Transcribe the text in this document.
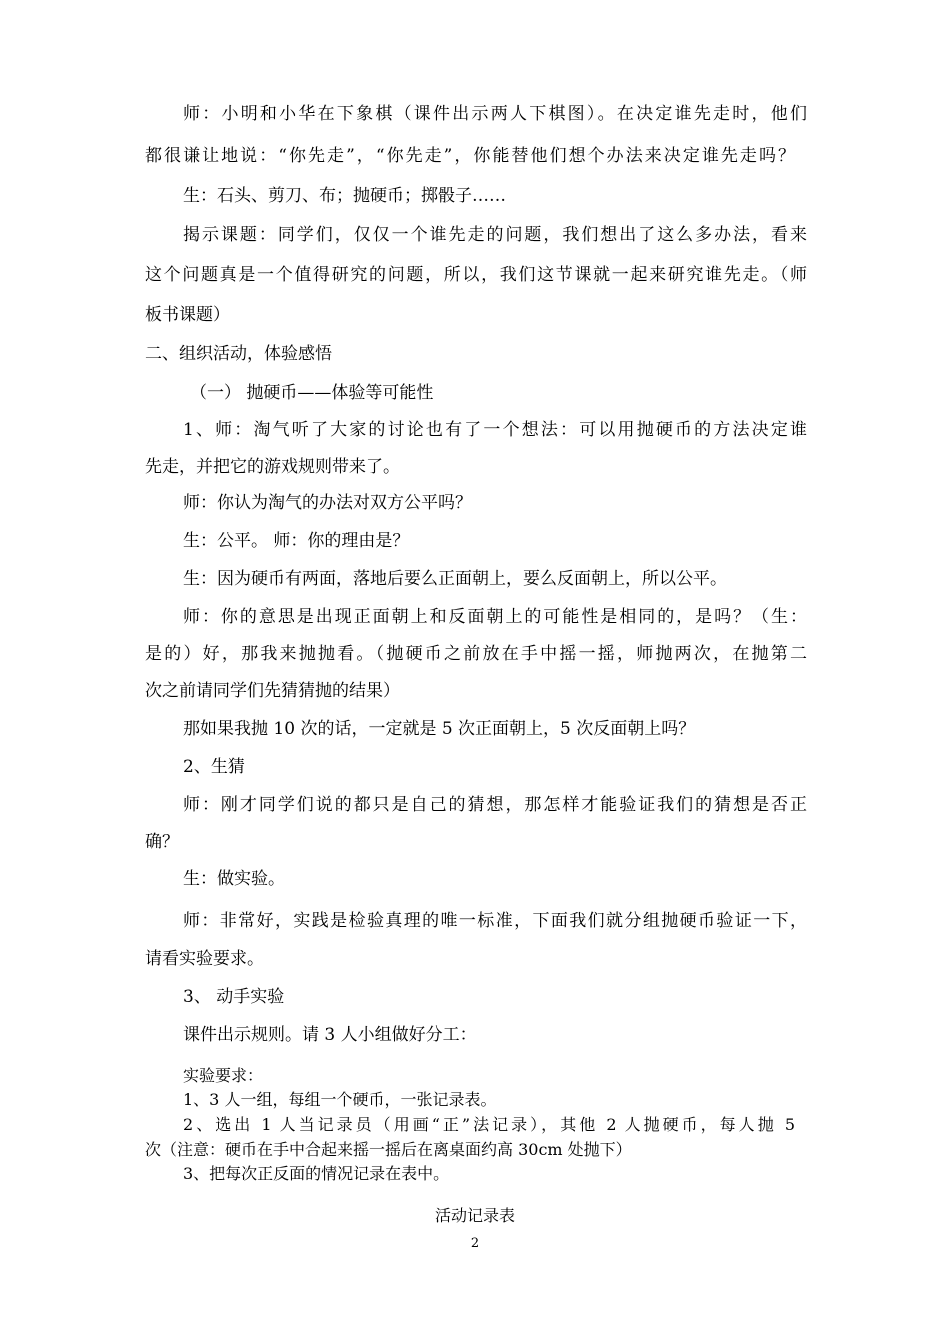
师：小明和小华在下象棋（课件出示两人下棋图）。在决定谁先走时，他们
都很谦让地说：“你先走”，“你先走”，你能替他们想个办法来决定谁先走吗？
生：石头、剪刀、布；抛硬币；掷骰子……
揭示课题：同学们，仅仅一个谁先走的问题，我们想出了这么多办法，看来
这个问题真是一个值得研究的问题，所以，我们这节课就一起来研究谁先走。（师
板书课题）
二、组织活动，体验感悟
（一） 抛硬币——体验等可能性
1、师：淘气听了大家的讨论也有了一个想法：可以用抛硬币的方法决定谁
先走，并把它的游戏规则带来了。
师：你认为淘气的办法对双方公平吗？
生：公平。 师：你的理由是？
生：因为硬币有两面，落地后要么正面朝上，要么反面朝上，所以公平。
师：你的意思是出现正面朝上和反面朝上的可能性是相同的，是吗？（生：
是的）好，那我来抛抛看。（抛硬币之前放在手中摇一摇，师抛两次，在抛第二
次之前请同学们先猜猜抛的结果）
那如果我抛 10 次的话，一定就是 5 次正面朝上，5 次反面朝上吗？
2、生猜
师：刚才同学们说的都只是自己的猜想，那怎样才能验证我们的猜想是否正
确？
生：做实验。
师：非常好，实践是检验真理的唯一标准，下面我们就分组抛硬币验证一下，
请看实验要求。
3、 动手实验
课件出示规则。请 3 人小组做好分工：
实验要求：
1、3 人一组，每组一个硬币，一张记录表。
2、选出 1 人当记录员（用画“正”法记录），其他 2 人抛硬币，每人抛 5
次（注意：硬币在手中合起来摇一摇后在离桌面约高 30cm 处抛下）
3、把每次正反面的情况记录在表中。
活动记录表
2
